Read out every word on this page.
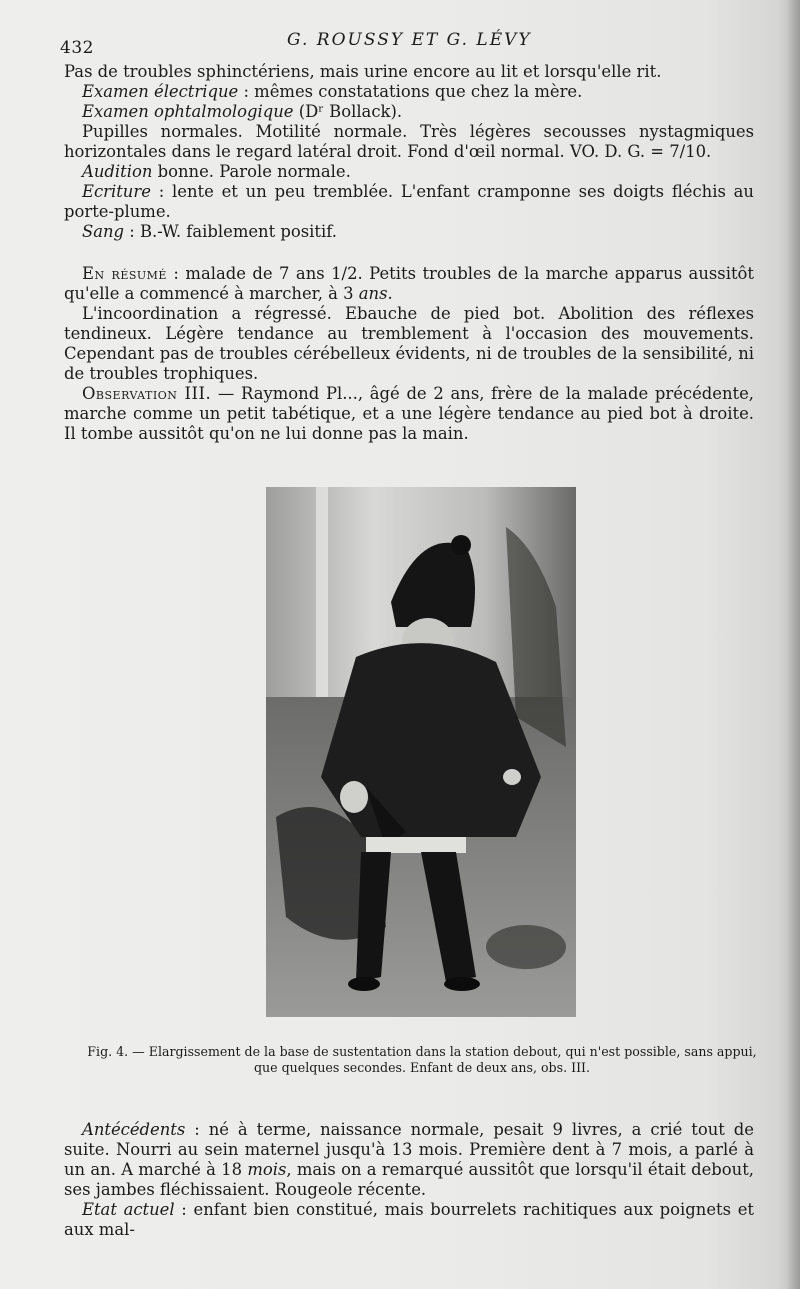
432	G. ROUSSY ET G. LÉVY

Pas de troubles sphinctériens, mais urine encore au lit et lorsqu'elle rit.

Examen électrique : mêmes constatations que chez la mère.

Examen ophtalmologique (Dʳ Bollack).

Pupilles normales. Motilité normale. Très légères secousses nystagmiques horizontales dans le regard latéral droit. Fond d'œil normal. VO. D. G. = 7/10.

Audition bonne. Parole normale.

Ecriture : lente et un peu tremblée. L'enfant cramponne ses doigts fléchis au porte-plume.

Sang : B.-W. faiblement positif.

En résumé : malade de 7 ans 1/2. Petits troubles de la marche apparus aussitôt qu'elle a commencé à marcher, à 3 ans.

L'incoordination a régressé. Ebauche de pied bot. Abolition des réflexes tendineux. Légère tendance au tremblement à l'occasion des mouvements. Cependant pas de troubles cérébelleux évidents, ni de troubles de la sensibilité, ni de troubles trophiques.

Observation III. — Raymond Pl..., âgé de 2 ans, frère de la malade précédente, marche comme un petit tabétique, et a une légère tendance au pied bot à droite. Il tombe aussitôt qu'on ne lui donne pas la main.

Fig. 4. — Elargissement de la base de sustentation dans la station debout, qui n'est possible, sans appui, que quelques secondes. Enfant de deux ans, obs. III.

Antécédents : né à terme, naissance normale, pesait 9 livres, a crié tout de suite. Nourri au sein maternel jusqu'à 13 mois. Première dent à 7 mois, a parlé à un an. A marché à 18 mois, mais on a remarqué aussitôt que lorsqu'il était debout, ses jambes fléchissaient. Rougeole récente.

Etat actuel : enfant bien constitué, mais bourrelets rachitiques aux poignets et aux mal-
